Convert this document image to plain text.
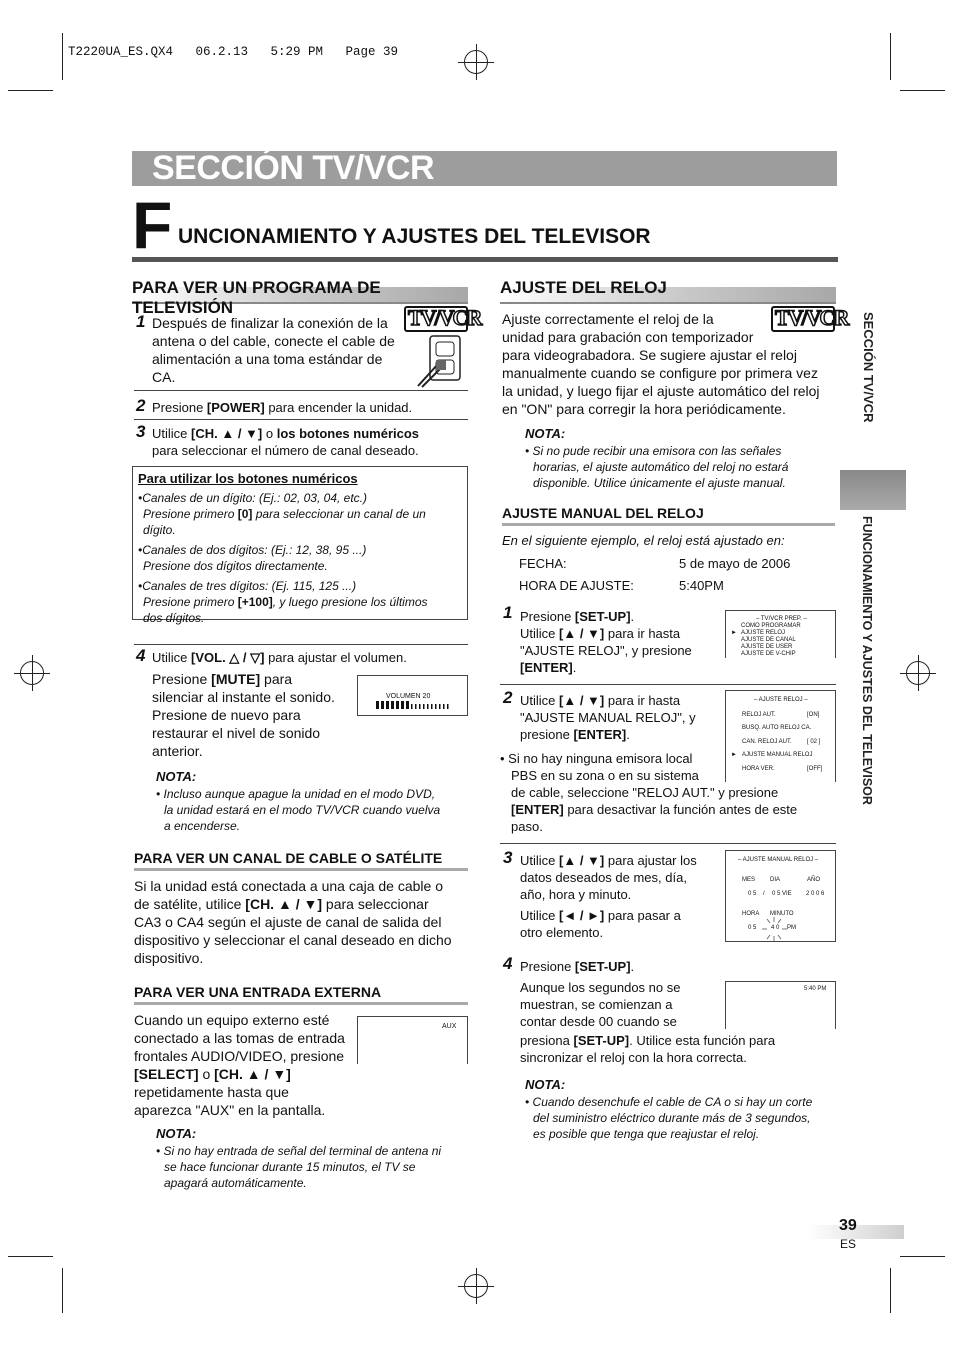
T2220UA_ES.QX4   06.2.13   5:29 PM   Page 39
SECCIÓN TV/VCR
F UNCIONAMIENTO Y AJUSTES DEL TELEVISOR
SECCIÓN TV/VCR
FUNCIONAMIENTO Y AJUSTES DEL TELEVISOR
PARA VER UN PROGRAMA DE TELEVISIÓN	TV/VCR
1 Después de finalizar la conexión de la
antena o del cable, conecte el cable de
alimentación a una toma estándar de
CA.
2 Presione [POWER] para encender la unidad.
3 Utilice [CH. ▲ / ▼] o los botones numéricos
para seleccionar el número de canal deseado.
Para utilizar los botones numéricos
•Canales de un dígito: (Ej.: 02, 03, 04, etc.)
Presione primero [0] para seleccionar un canal de un
dígito.
•Canales de dos dígitos: (Ej.: 12, 38, 95 ...)
Presione dos dígitos directamente.
•Canales de tres dígitos: (Ej. 115, 125 ...)
Presione primero [+100], y luego presione los últimos
dos dígitos.
4 Utilice [VOL. △ / ▽] para ajustar el volumen.
Presione [MUTE] para
silenciar al instante el sonido.
Presione de nuevo para
restaurar el nivel de sonido
anterior.
VOLUMEN 20
NOTA:
• Incluso aunque apague la unidad en el modo DVD,
la unidad estará en el modo TV/VCR cuando vuelva
a encenderse.
PARA VER UN CANAL DE CABLE O SATÉLITE
Si la unidad está conectada a una caja de cable o
de satélite, utilice [CH. ▲ / ▼] para seleccionar
CA3 o CA4 según el ajuste de canal de salida del
dispositivo y seleccionar el canal deseado en dicho
dispositivo.
PARA VER UNA ENTRADA EXTERNA
Cuando un equipo externo esté
conectado a las tomas de entrada
frontales AUDIO/VIDEO, presione
[SELECT] o [CH. ▲ / ▼]
repetidamente hasta que
aparezca "AUX" en la pantalla.
AUX
NOTA:
• Si no hay entrada de señal del terminal de antena ni
se hace funcionar durante 15 minutos, el TV se
apagará automáticamente.
AJUSTE DEL RELOJ
TV/VCR
Ajuste correctamente el reloj de la
unidad para grabación con temporizador
para videograbadora. Se sugiere ajustar el reloj
manualmente cuando se configure por primera vez
la unidad, y luego fijar el ajuste automático del reloj
en "ON" para corregir la hora periódicamente.
NOTA:
• Si no pude recibir una emisora con las señales
horarias, el ajuste automático del reloj no estará
disponible. Utilice únicamente el ajuste manual.
AJUSTE MANUAL DEL RELOJ
En el siguiente ejemplo, el reloj está ajustado en:
FECHA:	5 de mayo de 2006
HORA DE AJUSTE:	5:40PM
1 Presione [SET-UP].
Utilice [▲ / ▼] para ir hasta
"AJUSTE RELOJ", y presione
[ENTER].
– TV/VCR PREP. –
COMO PROGRAMAR
► AJUSTE RELOJ
AJUSTE DE CANAL
AJUSTE DE USER
AJUSTE DE V-CHIP
2 Utilice [▲ / ▼] para ir hasta
"AJUSTE MANUAL RELOJ", y
presione [ENTER].
• Si no hay ninguna emisora local
PBS en su zona o en su sistema
de cable, seleccione "RELOJ AUT." y presione
[ENTER] para desactivar la función antes de este
paso.
– AJUSTE RELOJ –
RELOJ AUT.	[ON]
BUSQ. AUTO RELOJ CA.
CAN. RELOJ AUT.	[ 02 ]
► AJUSTE MANUAL RELOJ
HORA VER.	[OFF]
3 Utilice [▲ / ▼] para ajustar los
datos deseados de mes, día,
año, hora y minuto.
Utilice [◄ / ►] para pasar a
otro elemento.
– AJUSTE MANUAL RELOJ –
MES DIA	AÑO
0 5 / 0 5 VIE 2 0 0 6
HORA MINUTO
0 5 4 0 PM
4 Presione [SET-UP].
Aunque los segundos no se
muestran, se comienzan a
contar desde 00 cuando se
presiona [SET-UP]. Utilice esta función para
sincronizar el reloj con la hora correcta.
5:40 PM
NOTA:
• Cuando desenchufe el cable de CA o si hay un corte
del suministro eléctrico durante más de 3 segundos,
es posible que tenga que reajustar el reloj.
39
ES
